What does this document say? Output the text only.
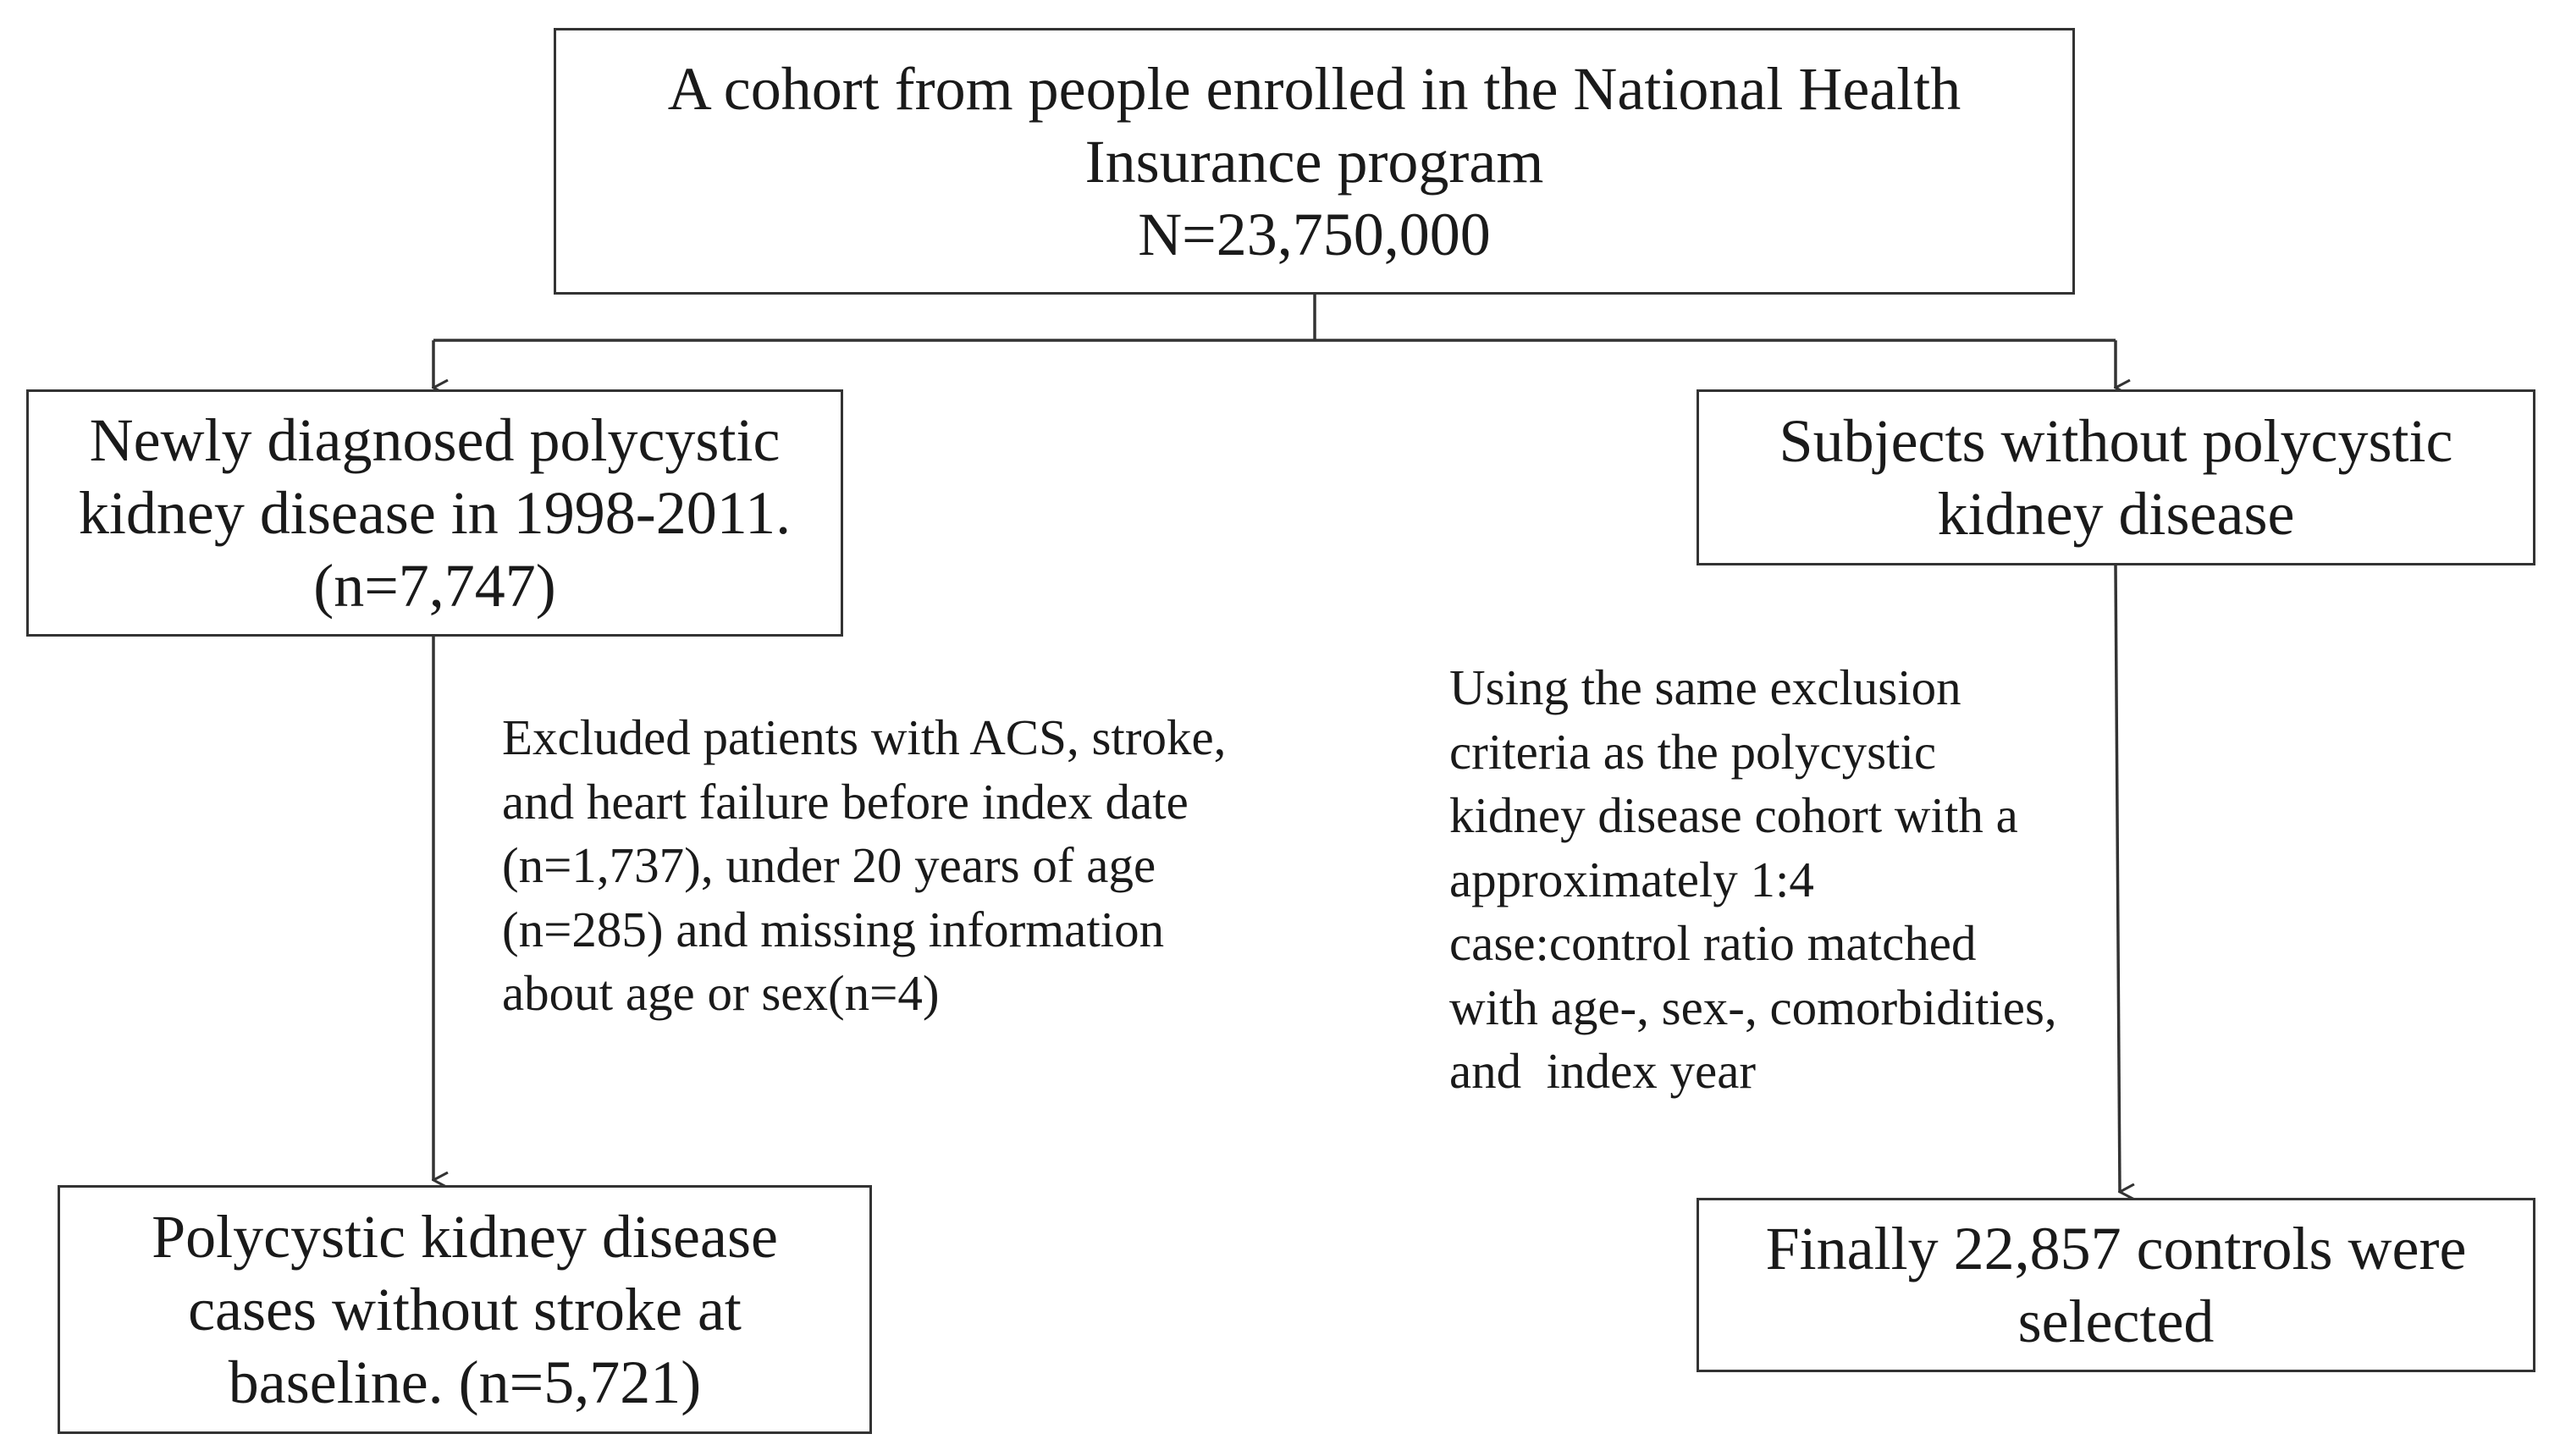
A cohort from people enrolled in the National Health
Insurance program
N=23,750,000
Newly diagnosed polycystic
kidney disease in 1998-2011.
(n=7,747)
Subjects without polycystic
kidney disease
Excluded patients with ACS, stroke,
and heart failure before index date
(n=1,737), under 20 years of age
(n=285) and missing information
about age or sex(n=4)
Using the same exclusion
criteria as the polycystic
kidney disease cohort with a
approximately 1:4
case:control ratio matched
with age-, sex-, comorbidities,
and  index year
Polycystic kidney disease
cases without stroke at
baseline. (n=5,721)
Finally 22,857 controls were
selected
